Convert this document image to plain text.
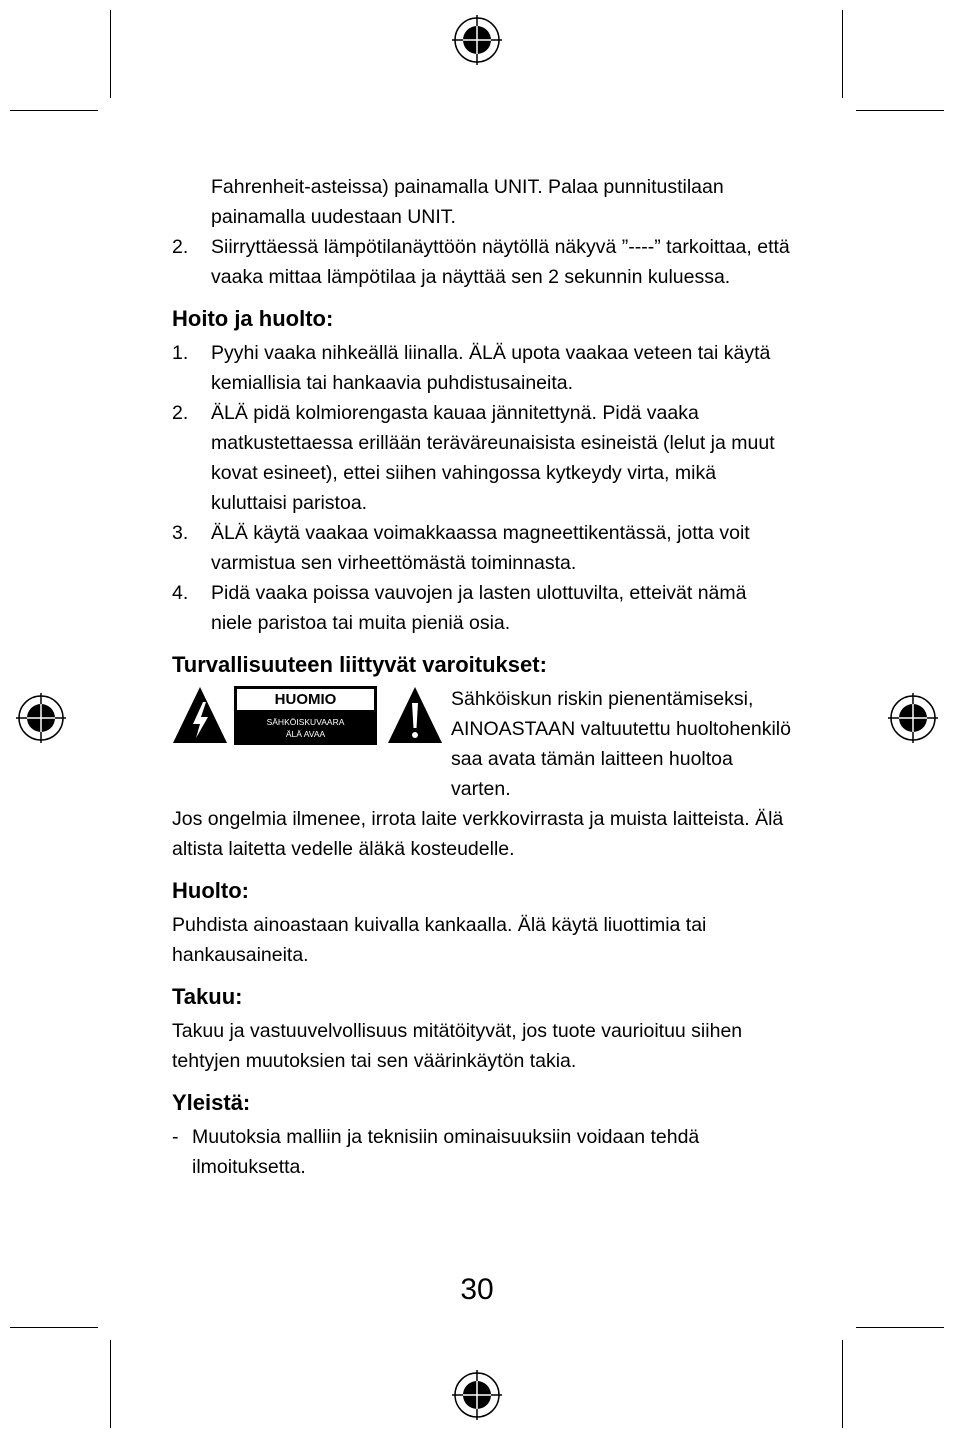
Fahrenheit-asteissa) painamalla UNIT. Palaa punnitustilaan

painamalla uudestaan UNIT.

2.	Siirryttäessä lämpötilanäyttöön näytöllä näkyvä ”----” tarkoittaa, että vaaka mittaa lämpötilaa ja näyttää sen 2 sekunnin kuluessa.
Hoito ja huolto:
1.	Pyyhi vaaka nihkeällä liinalla. ÄLÄ upota vaakaa veteen tai käytä kemiallisia tai hankaavia puhdistusaineita.
2.	ÄLÄ pidä kolmiorengasta kauaa jännitettynä. Pidä vaaka matkustettaessa erillään teräväreunaisista esineistä (lelut ja muut kovat esineet), ettei siihen vahingossa kytkeydy virta, mikä kuluttaisi paristoa.
3.	ÄLÄ käytä vaakaa voimakkaassa magneettikentässä, jotta voit varmistua sen virheettömästä toiminnasta.
4.	Pidä vaaka poissa vauvojen ja lasten ulottuvilta, etteivät nämä niele paristoa tai muita pieniä osia.
Turvallisuuteen liittyvät varoitukset:
HUOMIO
SÄHKÖISKUVAARA
ÄLÄ AVAA
Sähköiskun riskin pienentämiseksi, AINOASTAAN valtuutettu huoltohenkilö saa avata tämän laitteen huoltoa varten.

Jos ongelmia ilmenee, irrota laite verkkovirrasta ja muista laitteista. Älä altista laitetta vedelle äläkä kosteudelle.

Huolto:

Puhdista ainoastaan kuivalla kankaalla. Älä käytä liuottimia tai hankausaineita.

Takuu:

Takuu ja vastuuvelvollisuus mitätöityvät, jos tuote vaurioituu siihen tehtyjen muutoksien tai sen väärinkäytön takia.

Yleistä:
- Muutoksia malliin ja teknisiin ominaisuuksiin voidaan tehdä ilmoituksetta.
30
